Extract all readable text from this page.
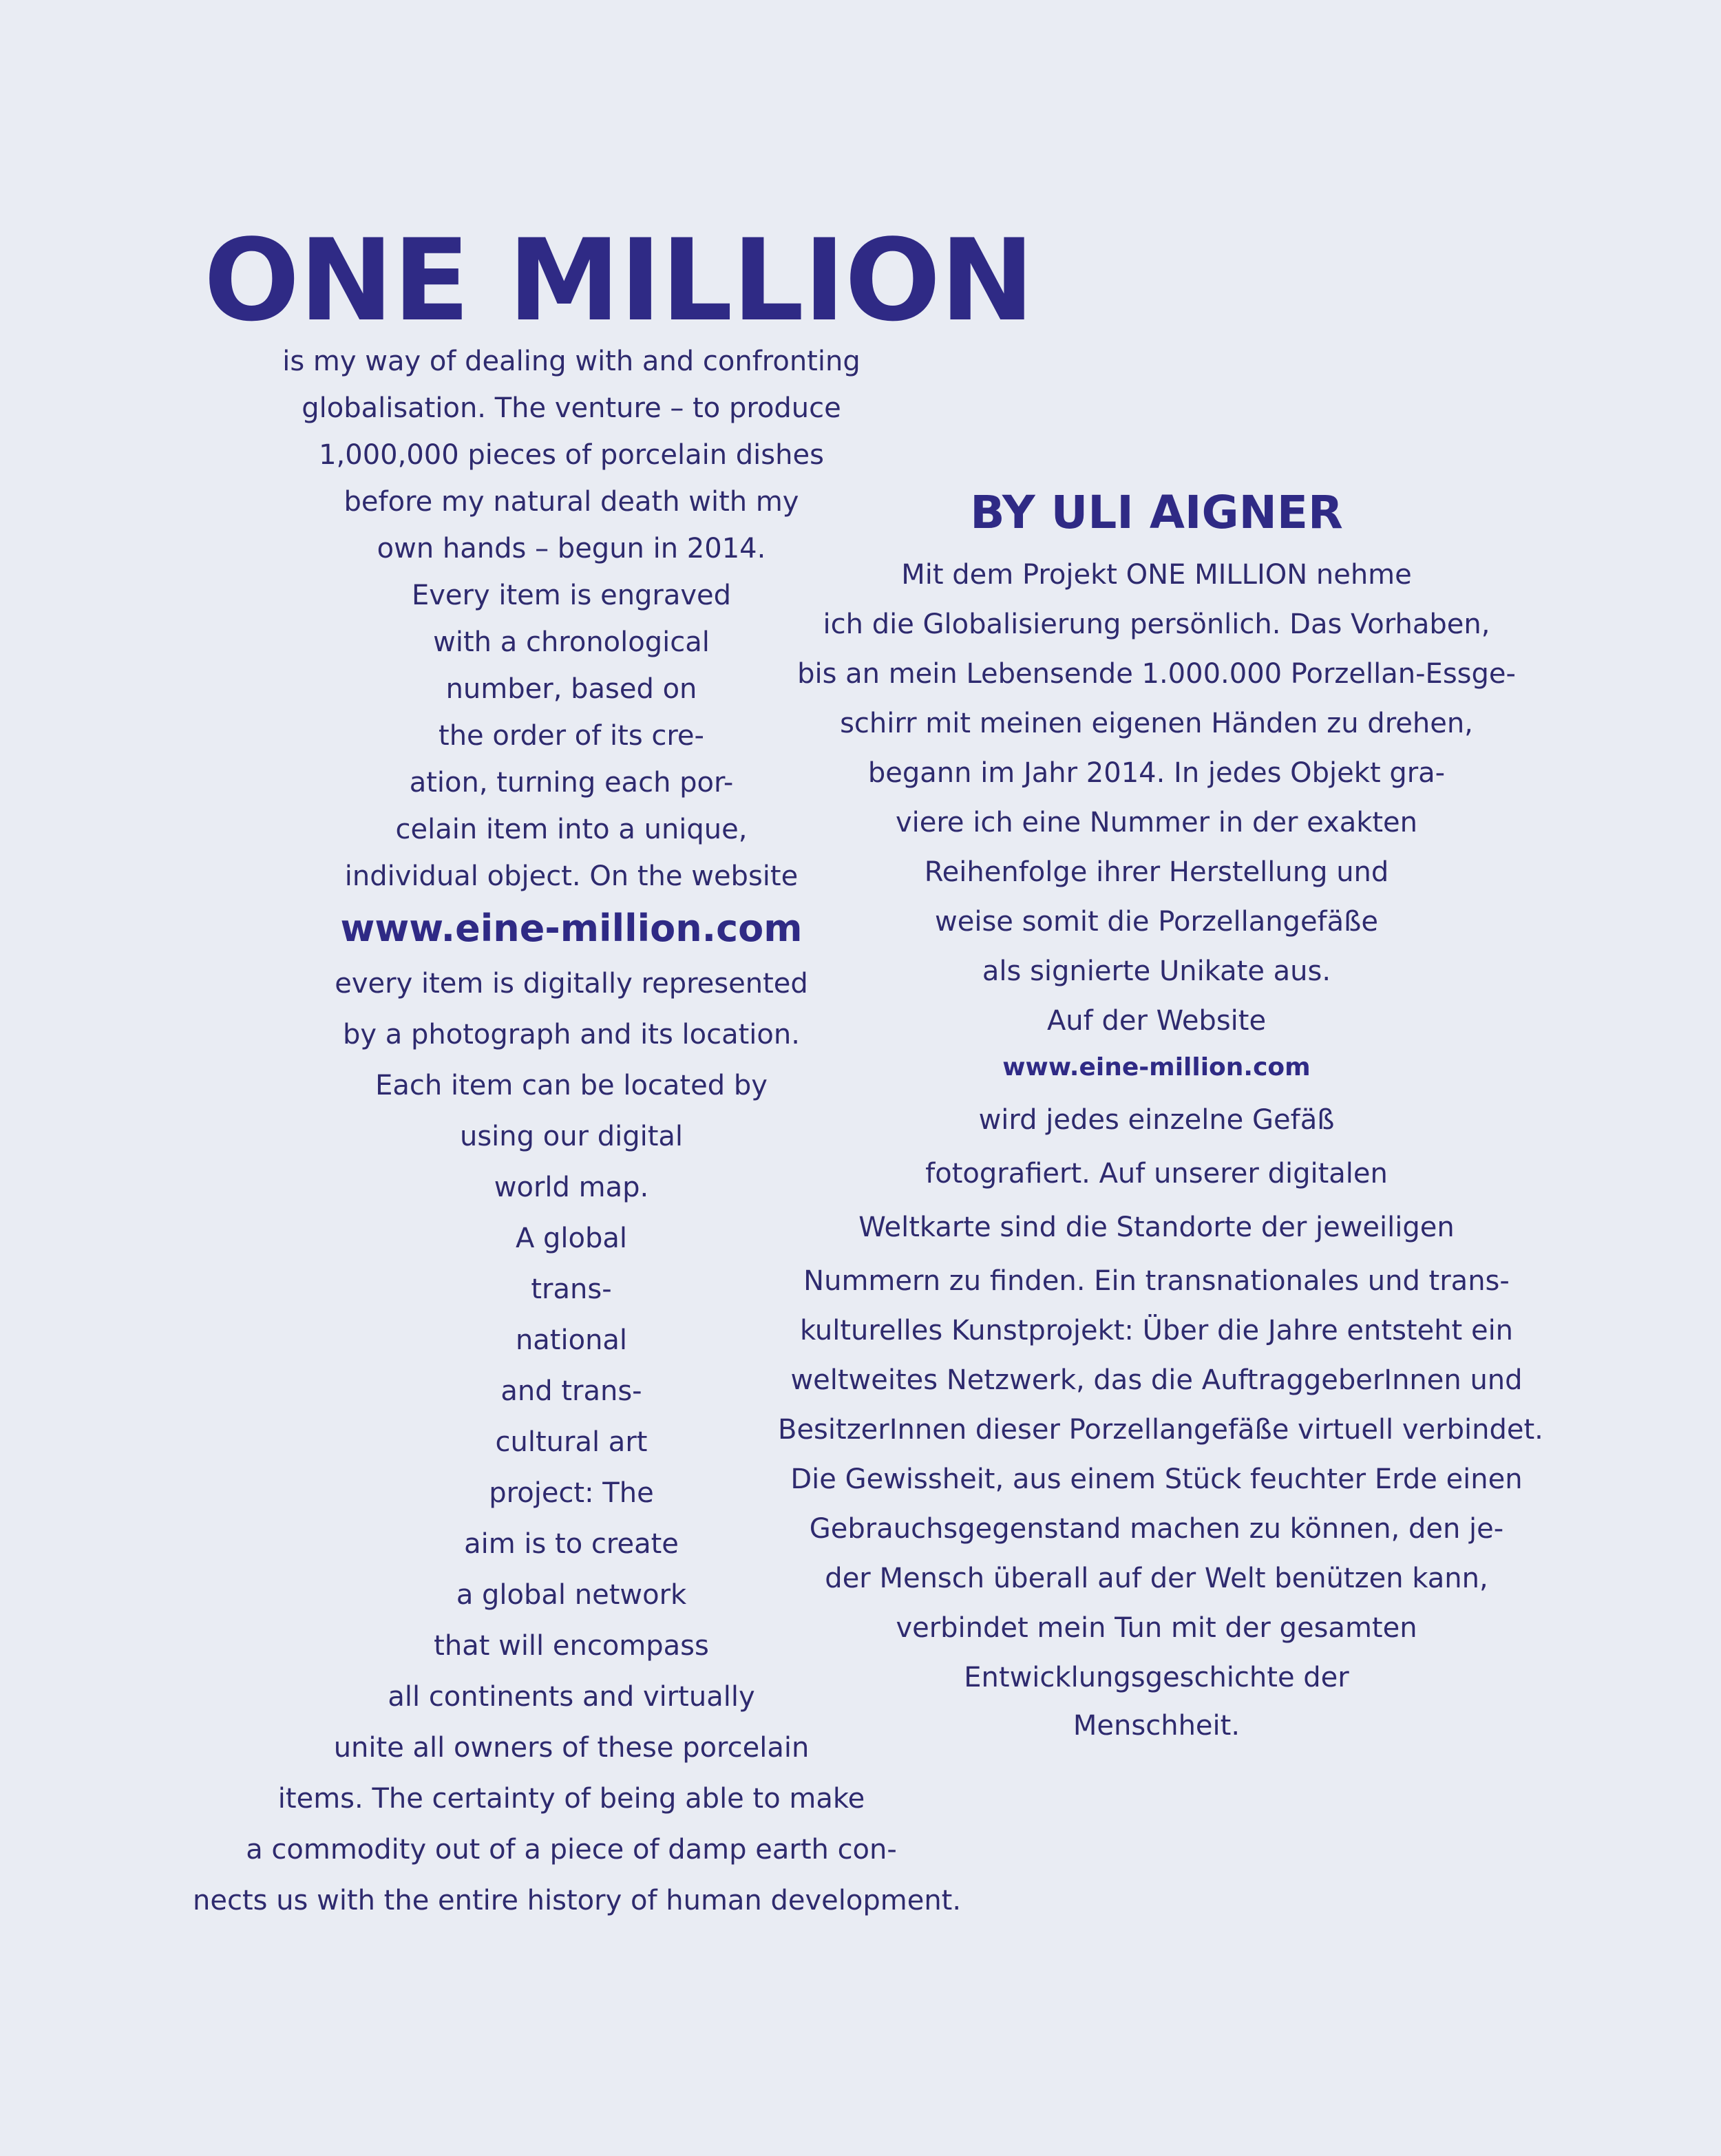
ONE MILLION
is my way of dealing with and confronting
globalisation. The venture – to produce
1,000,000 pieces of porcelain dishes
before my natural death with my
own hands – begun in 2014.
Every item is engraved
with a chronological
number, based on
the order of its cre-
ation, turning each por-
celain item into a unique,
individual object. On the website
www.eine-million.com
every item is digitally represented
by a photograph and its location.
Each item can be located by
using our digital
world map.
A global
trans-
national
and trans-
cultural art
project: The
aim is to create
a global network
that will encompass
all continents and virtually
unite all owners of these porcelain
items. The certainty of being able to make
a commodity out of a piece of damp earth con-
nects us with the entire history of human development.
BY ULI AIGNER
Mit dem Projekt ONE MILLION nehme
ich die Globalisierung persönlich. Das Vorhaben,
bis an mein Lebensende 1.000.000 Porzellan-Essge-
schirr mit meinen eigenen Händen zu drehen,
begann im Jahr 2014. In jedes Objekt gra-
viere ich eine Nummer in der exakten
Reihenfolge ihrer Herstellung und
weise somit die Porzellangefäße
als signierte Unikate aus.
Auf der Website
www.eine-million.com
wird jedes einzelne Gefäß
fotografiert. Auf unserer digitalen
Weltkarte sind die Standorte der jeweiligen
Nummern zu finden. Ein transnationales und trans-
kulturelles Kunstprojekt: Über die Jahre entsteht ein
weltweites Netzwerk, das die AuftraggeberInnen und
BesitzerInnen dieser Porzellangefäße virtuell verbindet.
Die Gewissheit, aus einem Stück feuchter Erde einen
Gebrauchsgegenstand machen zu können, den je-
der Mensch überall auf der Welt benützen kann,
verbindet mein Tun mit der gesamten
Entwicklungsgeschichte der
Menschheit.
